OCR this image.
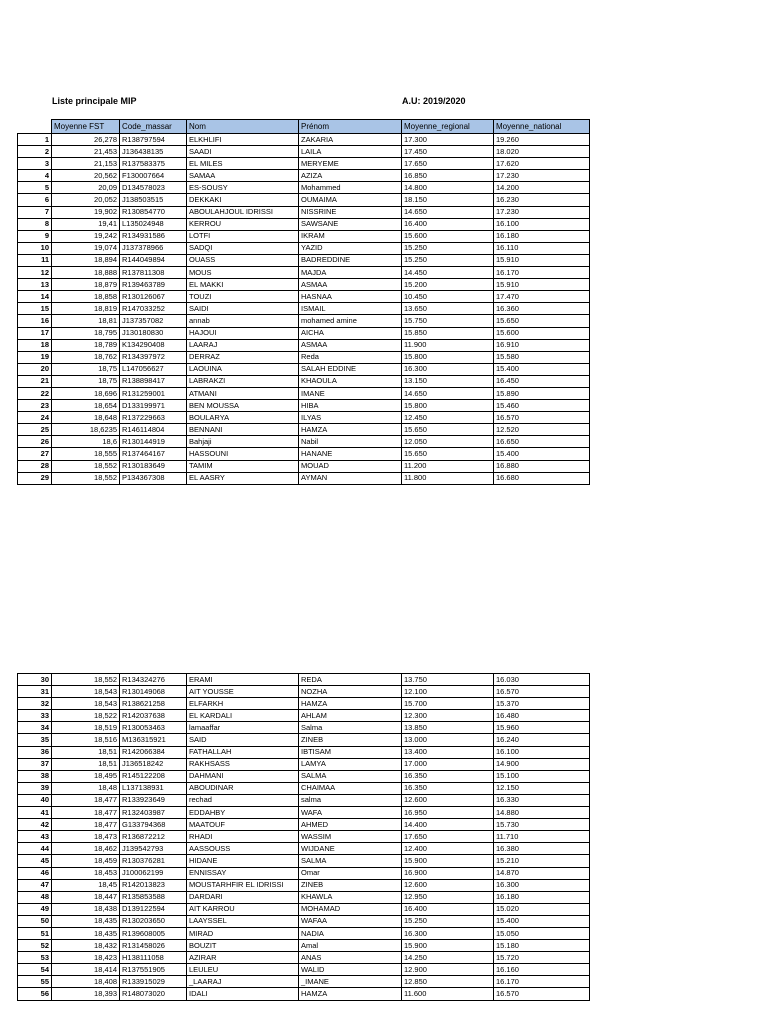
Liste principale MIP	A.U: 2019/2020
	Moyenne FST	Code_massar	Nom	Prénom	Moyenne_regional	Moyenne_national
1	26,278	R138797594	ELKHLIFI	ZAKARIA	17.300	19.260
2	21,453	J136438135	SAADI	LAILA	17.450	18.020
3	21,153	R137583375	EL MILES	MERYEME	17.650	17.620
4	20,562	F130007664	SAMAA	AZIZA	16.850	17.230
5	20,09	D134578023	ES-SOUSY	Mohammed	14.800	14.200
6	20,052	J138503515	DEKKAKI	OUMAIMA	18.150	16.230
7	19,902	R130854770	ABOULAHJOUL IDRISSI	NISSRINE	14.650	17.230
8	19,41	L135024948	KERROU	SAWSANE	16.400	16.100
9	19,242	R134931586	LOTFI	IKRAM	15.600	16.180
10	19,074	J137378966	SADQI	YAZID	15.250	16.110
11	18,894	R144049894	OUASS	BADREDDINE	15.250	15.910
12	18,888	R137811308	MOUS	MAJDA	14.450	16.170
13	18,879	R139463789	EL MAKKI	ASMAA	15.200	15.910
14	18,858	R130126067	TOUZI	HASNAA	10.450	17.470
15	18,819	R147033252	SAIDI	ISMAIL	13.650	16.360
16	18,81	J137357082	annab	mohamed amine	15.750	15.650
17	18,795	J130180830	HAJOUI	AICHA	15.850	15.600
18	18,789	K134290408	LAARAJ	ASMAA	11.900	16.910
19	18,762	R134397972	DERRAZ	Reda	15.800	15.580
20	18,75	L147056627	LAOUINA	SALAH EDDINE	16.300	15.400
21	18,75	R138898417	LABRAKZI	KHAOULA	13.150	16.450
22	18,696	R131259001	ATMANI	IMANE	14.650	15.890
23	18,654	D133199971	BEN MOUSSA	HIBA	15.800	15.460
24	18,648	R137229663	BOULARYA	ILYAS	12.450	16.570
25	18,6235	R146114804	BENNANI	HAMZA	15.650	12.520
26	18,6	R130144919	Bahjaji	Nabil	12.050	16.650
27	18,555	R137464167	HASSOUNI	HANANE	15.650	15.400
28	18,552	R130183649	TAMIM	MOUAD	11.200	16.880
29	18,552	P134367308	EL AASRY	AYMAN	11.800	16.680
30	18,552	R134324276	ERAMI	REDA	13.750	16.030
31	18,543	R130149068	AIT YOUSSE	NOZHA	12.100	16.570
32	18,543	R138621258	ELFARKH	HAMZA	15.700	15.370
33	18,522	R142037638	EL KARDALI	AHLAM	12.300	16.480
34	18,519	R130053463	lamaaffar	Salma	13.850	15.960
35	18,516	M136315921	SAID	ZINEB	13.000	16.240
36	18,51	R142066384	FATHALLAH	IBTISAM	13.400	16.100
37	18,51	J136518242	RAKHSASS	LAMYA	17.000	14.900
38	18,495	R145122208	DAHMANI	SALMA	16.350	15.100
39	18,48	L137138931	ABOUDINAR	CHAIMAA	16.350	12.150
40	18,477	R133923649	rechad	salma	12.600	16.330
41	18,477	R132403987	EDDAHBY	WAFA	16.950	14.880
42	18,477	G133794368	MAATOUF	AHMED	14.400	15.730
43	18,473	R136872212	RHADI	WASSIM	17.650	11.710
44	18,462	J139542793	AASSOUSS	WIJDANE	12.400	16.380
45	18,459	R130376281	HIDANE	SALMA	15.900	15.210
46	18,453	J100062199	ENNISSAY	Omar	16.900	14.870
47	18,45	R142013823	MOUSTARHFIR EL IDRISSI	ZINEB	12.600	16.300
48	18,447	R135853588	DARDARI	KHAWLA	12.950	16.180
49	18,438	D139122594	AIT KARROU	MOHAMAD	16.400	15.020
50	18,435	R130203650	LAAYSSEL	WAFAA	15.250	15.400
51	18,435	R139608005	MIRAD	NADIA	16.300	15.050
52	18,432	R131458026	BOUZIT	Amal	15.900	15.180
53	18,423	H138111058	AZIRAR	ANAS	14.250	15.720
54	18,414	R137551905	LEULEU	WALID	12.900	16.160
55	18,408	R133915029	_LAARAJ	_IMANE	12.850	16.170
56	18,393	R148073020	IDALI	HAMZA	11.600	16.570
